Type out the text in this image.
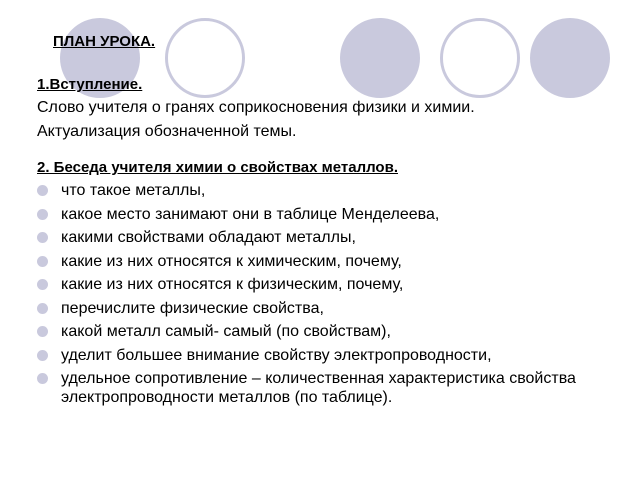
ПЛАН УРОКА.
1.Вступление.
Слово учителя о гранях соприкосновения физики и химии.
Актуализация обозначенной темы.
2. Беседа учителя химии о свойствах металлов.
что такое металлы,
какое место занимают они в таблице Менделеева,
какими свойствами обладают металлы,
какие из них относятся к химическим, почему,
какие из них относятся к физическим, почему,
перечислите физические свойства,
какой металл самый- самый (по свойствам),
уделит большее внимание свойству электропроводности,
удельное сопротивление – количественная характеристика свойства электропроводности металлов (по таблице).
